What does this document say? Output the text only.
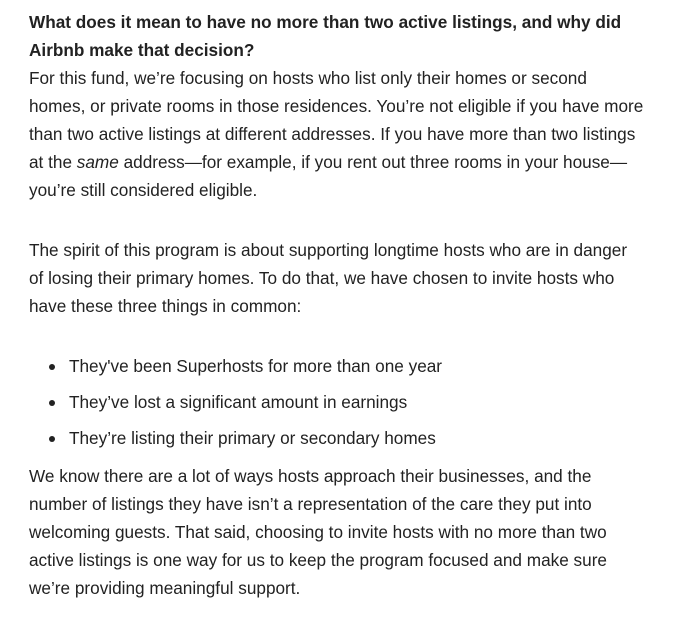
What does it mean to have no more than two active listings, and why did Airbnb make that decision?

For this fund, we’re focusing on hosts who list only their homes or second homes, or private rooms in those residences. You’re not eligible if you have more than two active listings at different addresses. If you have more than two listings at the same address—for example, if you rent out three rooms in your house—you’re still considered eligible.

The spirit of this program is about supporting longtime hosts who are in danger of losing their primary homes. To do that, we have chosen to invite hosts who have these three things in common:

They've been Superhosts for more than one year
They’ve lost a significant amount in earnings
They’re listing their primary or secondary homes

We know there are a lot of ways hosts approach their businesses, and the number of listings they have isn’t a representation of the care they put into welcoming guests. That said, choosing to invite hosts with no more than two active listings is one way for us to keep the program focused and make sure we’re providing meaningful support.
